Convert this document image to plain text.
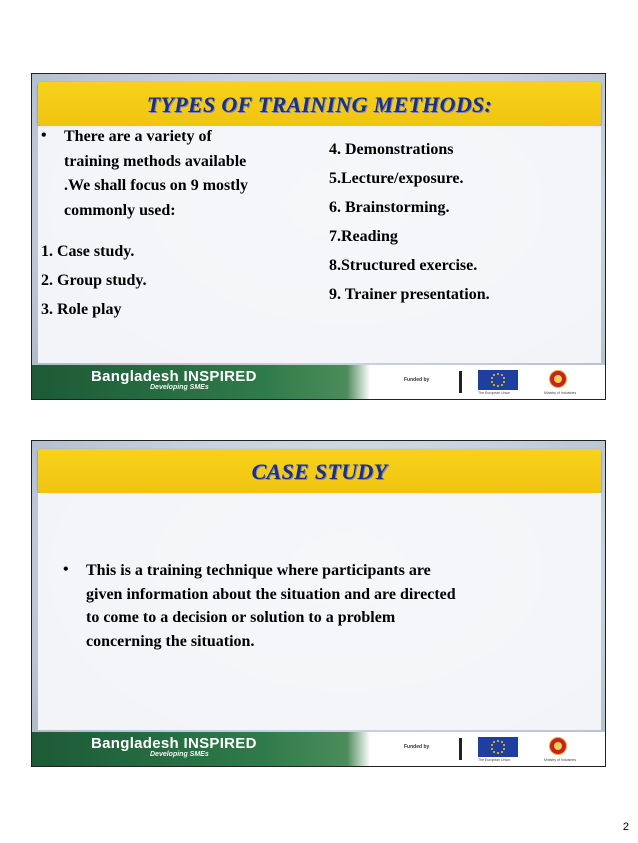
TYPES OF TRAINING METHODS:
• There are a variety of
training methods available
.We shall focus on 9 mostly
commonly used:
1. Case study.
2. Group study.
3. Role play
4. Demonstrations
5.Lecture/exposure.
6. Brainstorming.
7.Reading
8.Structured exercise.
9. Trainer presentation.
Bangladesh INSPIRED
Developing SMEs
Funded by
The European Union	Ministry of Industries
CASE STUDY
• This is a training technique where participants are
given information about the situation and are directed
to come to a decision or solution to a problem
concerning the situation.
Bangladesh INSPIRED
Developing SMEs
Funded by
The European Union	Ministry of Industries
2
